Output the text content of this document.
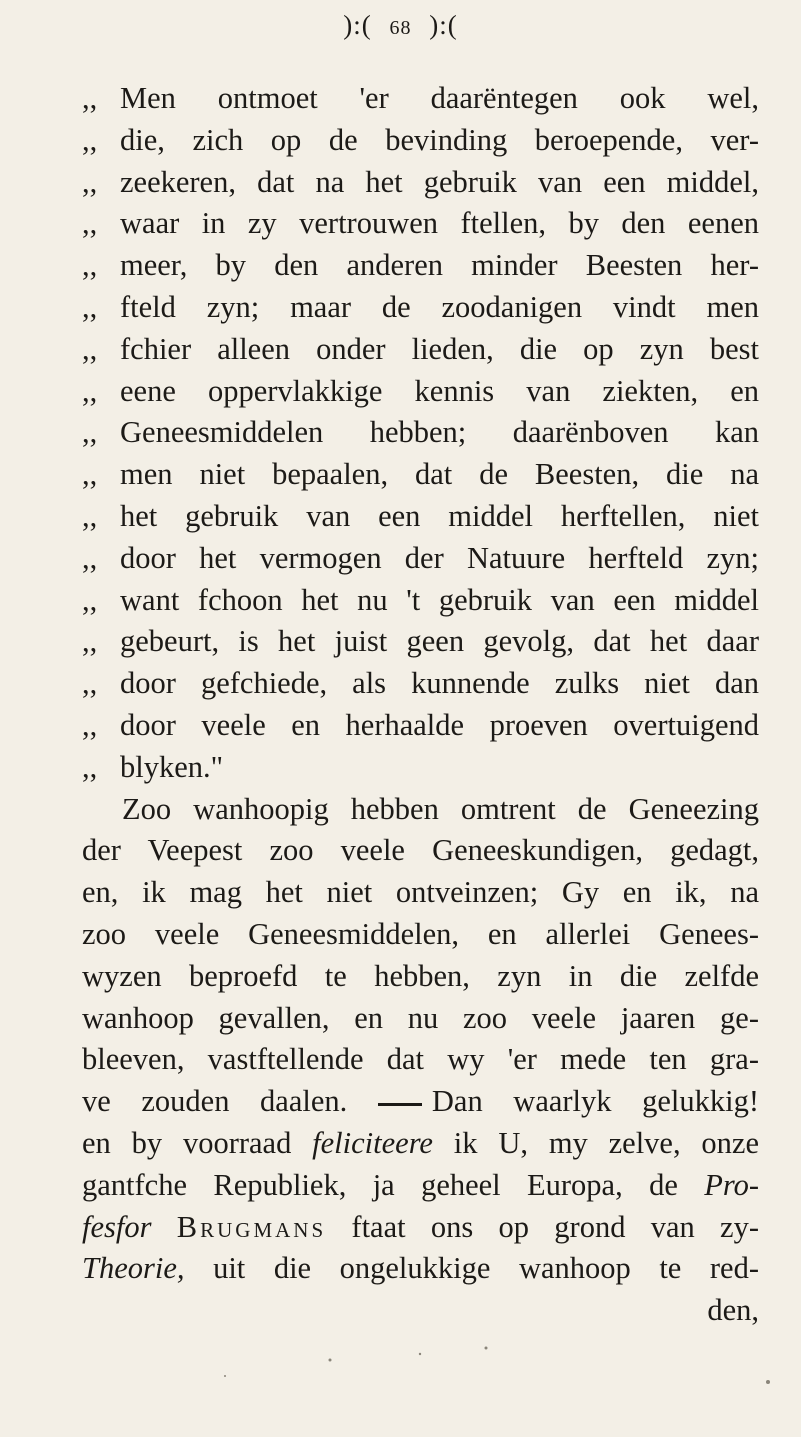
):( 68 ):(
,, Men ontmoet 'er daarëntegen ook wel,
,, die, zich op de bevinding beroepende, ver-
,, zeekeren, dat na het gebruik van een middel,
,, waar in zy vertrouwen ftellen, by den eenen
,, meer, by den anderen minder Beesten her-
,, fteld zyn; maar de zoodanigen vindt men
,, fchier alleen onder lieden, die op zyn best
,, eene oppervlakkige kennis van ziekten, en
,, Geneesmiddelen hebben; daarënboven kan
,, men niet bepaalen, dat de Beesten, die na
,, het gebruik van een middel herftellen, niet
,, door het vermogen der Natuure herfteld zyn;
,, want fchoon het nu 't gebruik van een middel
,, gebeurt, is het juist geen gevolg, dat het daar
,, door gefchiede, als kunnende zulks niet dan
,, door veele en herhaalde proeven overtuigend
,, blyken."
Zoo wanhoopig hebben omtrent de Geneezing
der Veepest zoo veele Geneeskundigen, gedagt,
en, ik mag het niet ontveinzen; Gy en ik, na
zoo veele Geneesmiddelen, en allerlei Genees-
wyzen beproefd te hebben, zyn in die zelfde
wanhoop gevallen, en nu zoo veele jaaren ge-
bleeven, vastftellende dat wy 'er mede ten gra-
ve zouden daalen.	Dan waarlyk gelukkig!
en by voorraad feliciteere ik U, my zelve, onze
gantfche Republiek, ja geheel Europa, de Pro-
fesfor Brugmans ftaat ons op grond van zy-
Theorie, uit die ongelukkige wanhoop te red-
den,
